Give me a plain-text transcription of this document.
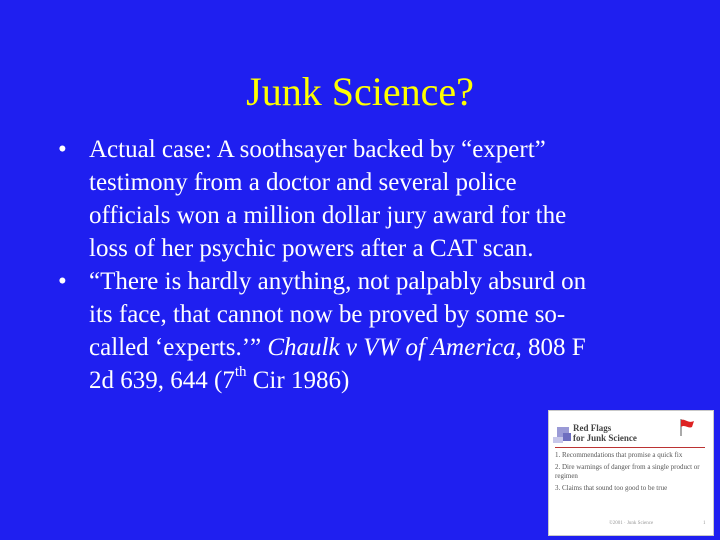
Junk Science?
• Actual case: A soothsayer backed by “expert”
testimony from a doctor and several police
officials won a million dollar jury award for the
loss of her psychic powers after a CAT scan.
• “There is hardly anything, not palpably absurd on
its face, that cannot now be proved by some so-
called ‘experts.’” Chaulk v VW of America, 808 F
2d 639, 644 (7th Cir 1986)
Red Flags
for Junk Science
1. Recommendations that promise a quick fix
2. Dire warnings of danger from a single product or regimen
3. Claims that sound too good to be true
©2001 · Junk Science	1
